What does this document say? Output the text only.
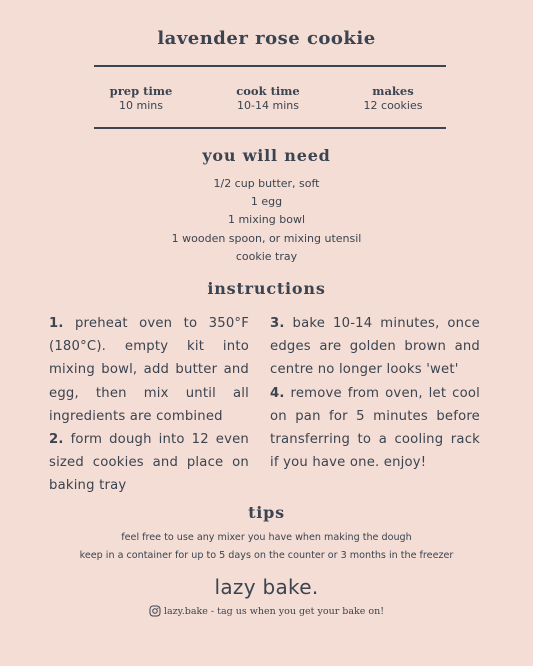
lavender rose cookie
prep time
10 mins
cook time
10-14 mins
makes
12 cookies
you will need
1/2 cup butter, soft
1 egg
1 mixing bowl
1 wooden spoon, or mixing utensil
cookie tray
instructions

1. preheat oven to 350°F (180°C). empty kit into mixing bowl, add butter and egg, then mix until all ingredients are combined

2. form dough into 12 even sized cookies and place on baking tray

3. bake 10-14 minutes, once edges are golden brown and centre no longer looks 'wet'

4. remove from oven, let cool on pan for 5 minutes before transferring to a cooling rack if you have one. enjoy!

tips
feel free to use any mixer you have when making the dough
keep in a container for up to 5 days on the counter or 3 months in the freezer
lazy bake.
lazy.bake - tag us when you get your bake on!
